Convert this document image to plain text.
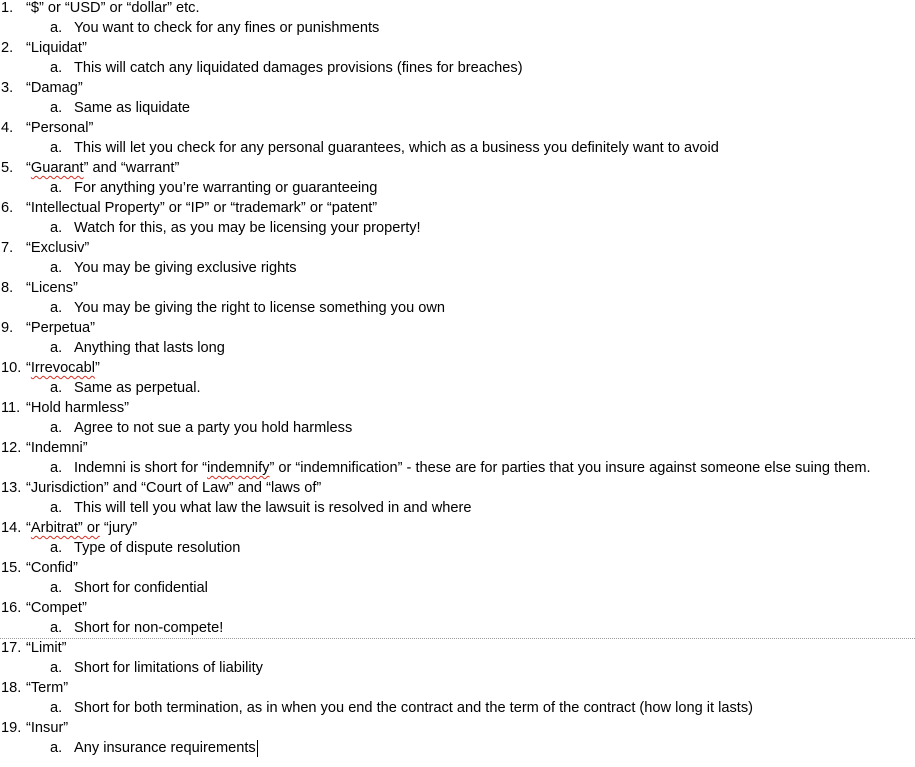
1. “$” or “USD” or “dollar” etc.
a. You want to check for any fines or punishments
2. “Liquidat”
a. This will catch any liquidated damages provisions (fines for breaches)
3. “Damag”
a. Same as liquidate
4. “Personal”
a. This will let you check for any personal guarantees, which as a business you definitely want to avoid
5. “Guarant” and “warrant”
a. For anything you’re warranting or guaranteeing
6. “Intellectual Property” or “IP” or “trademark” or “patent”
a. Watch for this, as you may be licensing your property!
7. “Exclusiv”
a. You may be giving exclusive rights
8. “Licens”
a. You may be giving the right to license something you own
9. “Perpetua”
a. Anything that lasts long
10. “Irrevocabl”
a. Same as perpetual.
11. “Hold harmless”
a. Agree to not sue a party you hold harmless
12. “Indemni”
a. Indemni is short for “indemnify” or “indemnification” - these are for parties that you insure against someone else suing them.
13. “Jurisdiction” and “Court of Law” and “laws of”
a. This will tell you what law the lawsuit is resolved in and where
14. “Arbitrat” or “jury”
a. Type of dispute resolution
15. “Confid”
a. Short for confidential
16. “Compet”
a. Short for non-compete!
17. “Limit”
a. Short for limitations of liability
18. “Term”
a. Short for both termination, as in when you end the contract and the term of the contract (how long it lasts)
19. “Insur”
a. Any insurance requirements
